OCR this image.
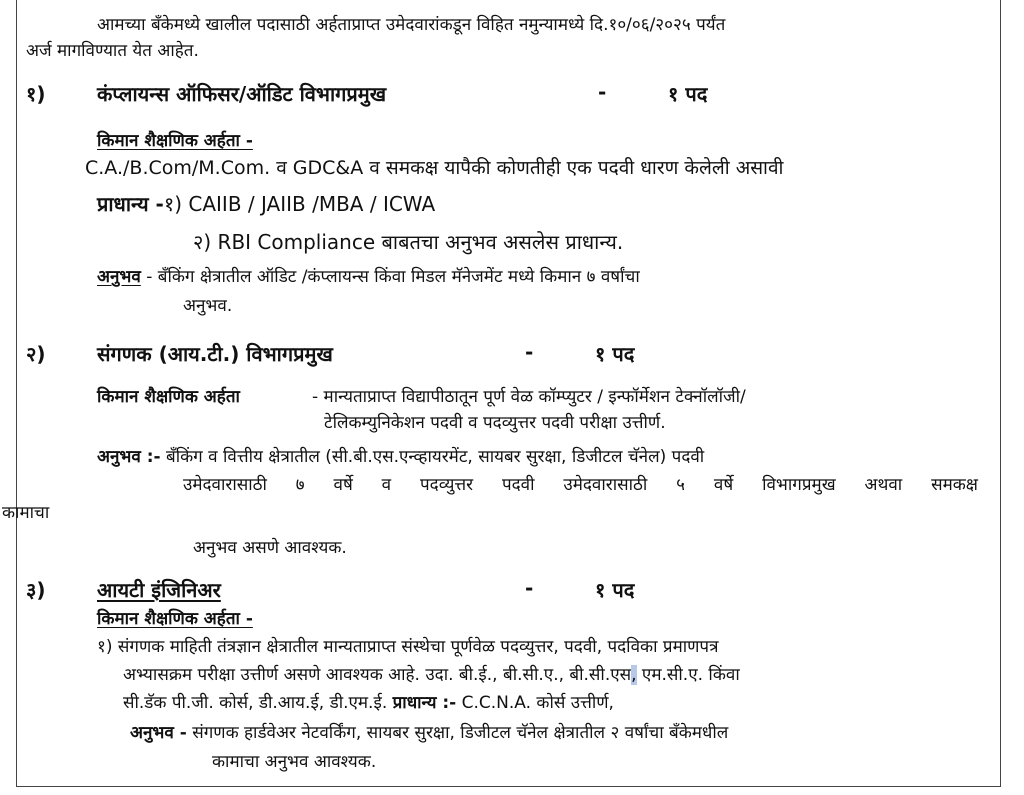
आमच्या बँकेमध्ये खालील पदासाठी अर्हताप्राप्त उमेदवारांकडून विहित नमुन्यामध्ये दि.१०/०६/२०२५ पर्यंत
अर्ज मागविण्यात येत आहेत.
१)	कंप्लायन्स ऑफिसर/ऑडिट विभागप्रमुख	-	१ पद
किमान शैक्षणिक अर्हता -
C.A./B.Com/M.Com. व GDC&A व समकक्ष यापैकी कोणतीही एक पदवी धारण केलेली असावी
प्राधान्य -१) CAIIB / JAIIB /MBA / ICWA
२) RBI Compliance बाबतचा अनुभव असलेस प्राधान्य.
अनुभव - बँकिंग क्षेत्रातील ऑडिट /कंप्लायन्स किंवा मिडल मॅनेजमेंट मध्ये किमान ७ वर्षांचा
अनुभव.
२)	संगणक (आय.टी.) विभागप्रमुख	-	१ पद
किमान शैक्षणिक अर्हता	- मान्यताप्राप्त विद्यापीठातून पूर्ण वेळ कॉम्प्युटर / इन्फॉर्मेशन टेक्नॉलॉजी/
टेलिकम्युनिकेशन पदवी व पदव्युत्तर पदवी परीक्षा उत्तीर्ण.
अनुभव :- बँकिंग व वित्तीय क्षेत्रातील (सी.बी.एस.एन्व्हायरमेंट, सायबर सुरक्षा, डिजीटल चॅनेल) पदवी
उमेदवारासाठी ७ वर्षे व पदव्युत्तर पदवी उमेदवारासाठी ५ वर्षे विभागप्रमुख अथवा समकक्ष
कामाचा
अनुभव असणे आवश्यक.
३)	आयटी इंजिनिअर	-	१ पद
किमान शैक्षणिक अर्हता -
१) संगणक माहिती तंत्रज्ञान क्षेत्रातील मान्यताप्राप्त संस्थेचा पूर्णवेळ पदव्युत्तर, पदवी, पदविका प्रमाणपत्र
अभ्यासक्रम परीक्षा उत्तीर्ण असणे आवश्यक आहे. उदा. बी.ई., बी.सी.ए., बी.सी.एस, एम.सी.ए. किंवा
सी.डॅक पी.जी. कोर्स, डी.आय.ई, डी.एम.ई. प्राधान्य :- C.C.N.A. कोर्स उत्तीर्ण,
अनुभव - संगणक हार्डवेअर नेटवर्किंग, सायबर सुरक्षा, डिजीटल चॅनेल क्षेत्रातील २ वर्षांचा बँकेमधील
कामाचा अनुभव आवश्यक.
